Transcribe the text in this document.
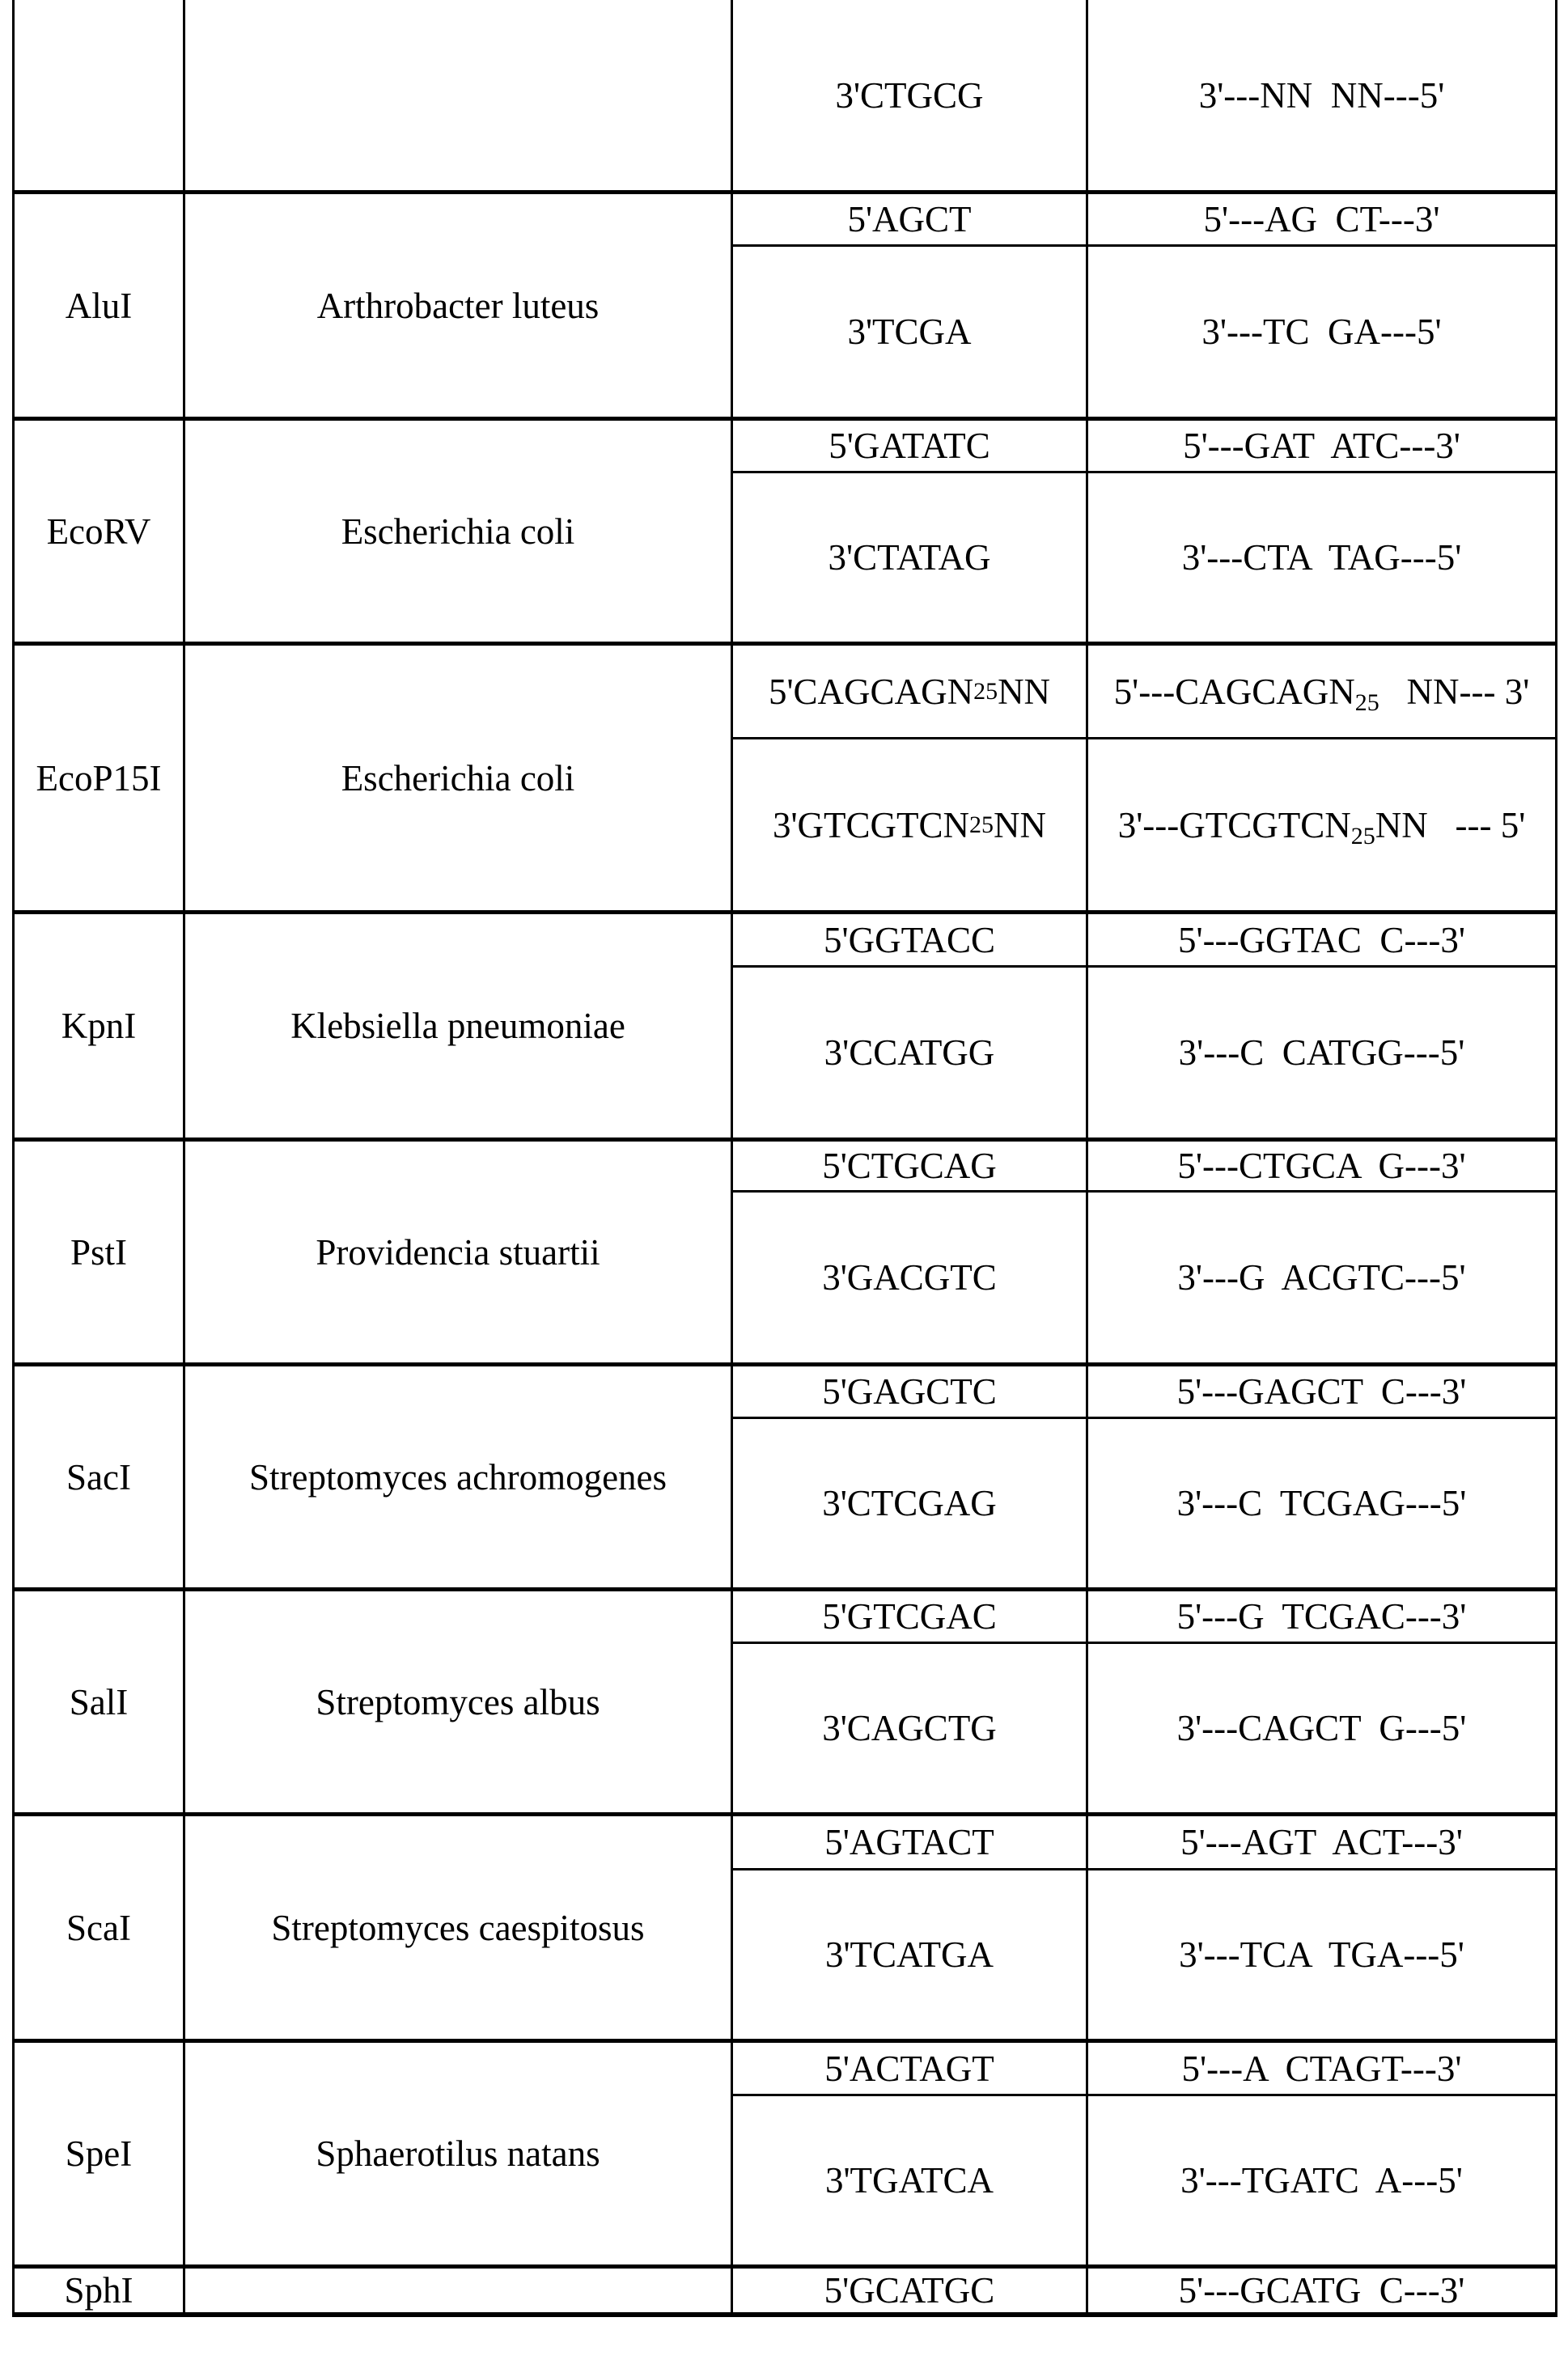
3'CTGCG	3'---NN  NN---5'
AluI	Arthrobacter luteus
5'AGCT	5'---AG  CT---3'
3'TCGA	3'---TC  GA---5'
EcoRV	Escherichia coli
5'GATATC	5'---GAT  ATC---3'
3'CTATAG	3'---CTA  TAG---5'
EcoP15I	Escherichia coli
5'CAGCAGN 25 NN 5'---CAGCAGN25   NN--- 3'
3'GTCGTCN 25 NN 3'---GTCGTCN25NN   --- 5'
KpnI	Klebsiella pneumoniae
5'GGTACC	5'---GGTAC  C---3'
3'CCATGG	3'---C  CATGG---5'
PstI	Providencia stuartii
5'CTGCAG	5'---CTGCA  G---3'
3'GACGTC	3'---G  ACGTC---5'
SacI	Streptomyces achromogenes
5'GAGCTC	5'---GAGCT  C---3'
3'CTCGAG	3'---C  TCGAG---5'
SalI	Streptomyces albus
5'GTCGAC	5'---G  TCGAC---3'
3'CAGCTG	3'---CAGCT  G---5'
ScaI	Streptomyces caespitosus
5'AGTACT	5'---AGT  ACT---3'
3'TCATGA	3'---TCA  TGA---5'
SpeI	Sphaerotilus natans
5'ACTAGT	5'---A  CTAGT---3'
3'TGATCA	3'---TGATC  A---5'
SphI	5'GCATGC	5'---GCATG  C---3'
